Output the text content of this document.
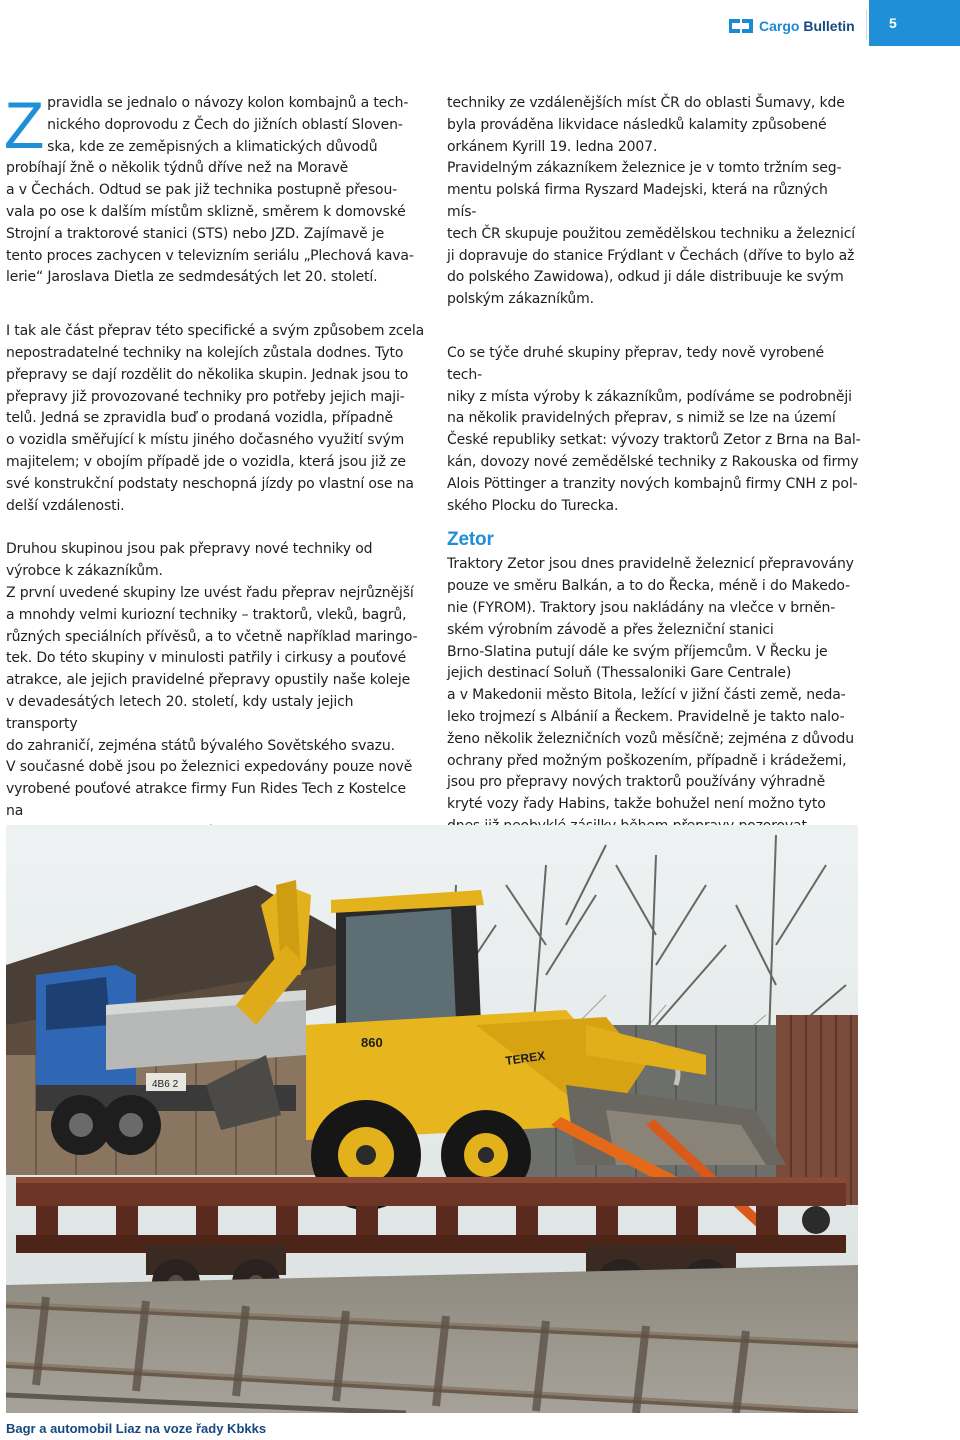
Cargo Bulletin	5

Zpravidla se jednalo o návozy kolon kombajnů a tech-
nického doprovodu z Čech do jižních oblastí Sloven-
ska, kde ze zeměpisných a klimatických důvodů
probíhají žně o několik týdnů dříve než na Moravě
a v Čechách. Odtud se pak již technika postupně přesou-
vala po ose k dalším místům sklizně, směrem k domovské
Strojní a traktorové stanici (STS) nebo JZD. Zajímavě je
tento proces zachycen v televizním seriálu „Plechová kava-
lerie“ Jaroslava Dietla ze sedmdesátých let 20. století.

I tak ale část přeprav této specifické a svým způsobem zcela
nepostradatelné techniky na kolejích zůstala dodnes. Tyto
přepravy se dají rozdělit do několika skupin. Jednak jsou to
přepravy již provozované techniky pro potřeby jejich maji-
telů. Jedná se zpravidla buď o prodaná vozidla, případně
o vozidla směřující k místu jiného dočasného využití svým
majitelem; v obojím případě jde o vozidla, která jsou již ze
své konstrukční podstaty neschopná jízdy po vlastní ose na
delší vzdálenosti.

Druhou skupinou jsou pak přepravy nové techniky od
výrobce k zákazníkům.
Z první uvedené skupiny lze uvést řadu přeprav nejrůznější
a mnohdy velmi kuriozní techniky – traktorů, vleků, bagrů,
různých speciálních přívěsů, a to včetně například maringo-
tek. Do této skupiny v minulosti patřily i cirkusy a pouťové
atrakce, ale jejich pravidelné přepravy opustily naše koleje
v devadesátých letech 20. století, kdy ustaly jejich transporty
do zahraničí, zejména států bývalého Sovětského svazu.
V současné době jsou po železnici expedovány pouze nově
vyrobené pouťové atrakce firmy Fun Rides Tech z Kostelce na

techniky ze vzdálenějších míst ČR do oblasti Šumavy, kde
byla prováděna likvidace následků kalamity způsobené
orkánem Kyrill 19. ledna 2007.
Pravidelným zákazníkem železnice je v tomto tržním seg-
mentu polská firma Ryszard Madejski, která na různých mís-
tech ČR skupuje použitou zemědělskou techniku a železnicí
ji dopravuje do stanice Frýdlant v Čechách (dříve to bylo až
do polského Zawidowa), odkud ji dále distribuuje ke svým
polským zákazníkům.

Co se týče druhé skupiny přeprav, tedy nově vyrobené tech-
niky z místa výroby k zákazníkům, podíváme se podrobněji
na několik pravidelných přeprav, s nimiž se lze na území
České republiky setkat: vývozy traktorů Zetor z Brna na Bal-
kán, dovozy nové zemědělské techniky z Rakouska od firmy
Alois Pöttinger a tranzity nových kombajnů firmy CNH z pol-
ského Plocku do Turecka.

Zetor

Traktory Zetor jsou dnes pravidelně železnicí přepravovány
pouze ve směru Balkán, a to do Řecka, méně i do Makedo-
nie (FYROM). Traktory jsou nakládány na vlečce v brněn-
ském výrobním závodě a přes železniční stanici
Brno-Slatina putují dále ke svým příjemcům. V Řecku je
jejich destinací Soluň (Thessaloniki Gare Centrale)
a v Makedonii město Bitola, ležící v jižní části země, neda-
leko trojmezí s Albánií a Řeckem. Pravidelně je takto nalo-
ženo několik železničních vozů měsíčně; zejména z důvodu
ochrany před možným poškozením, případně i krádežemi,
jsou pro přepravy nových traktorů používány výhradně
kryté vozy řady Habins, takže bohužel není možno tyto

4B6 2
TEREX
860
Bagr a automobil Liaz na voze řady Kbkks
